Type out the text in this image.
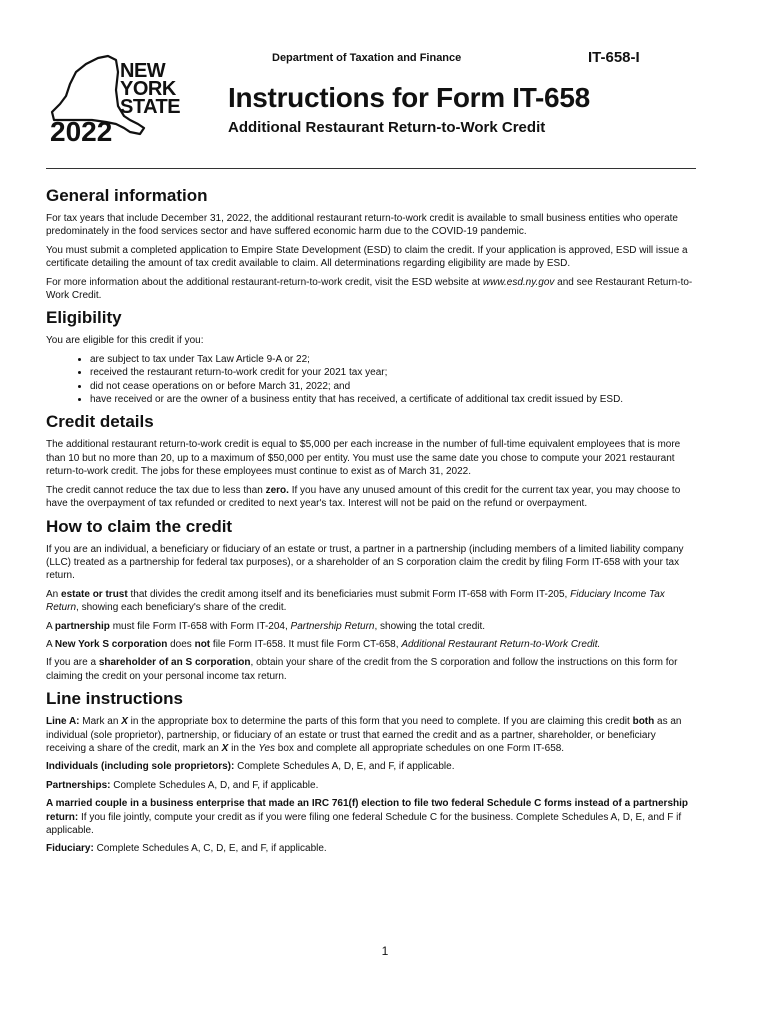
NEW
YORK
STATE
2022
Department of Taxation and Finance	IT-658-I
Instructions for Form IT-658
Additional Restaurant Return-to-Work Credit
General information

For tax years that include December 31, 2022, the additional restaurant return-to-work credit is available to small business entities who operate predominately in the food services sector and have suffered economic harm due to the COVID-19 pandemic.

You must submit a completed application to Empire State Development (ESD) to claim the credit. If your application is approved, ESD will issue a certificate detailing the amount of tax credit available to claim. All determinations regarding eligibility are made by ESD.

For more information about the additional restaurant-return-to-work credit, visit the ESD website at www.esd.ny.gov and see Restaurant Return-to-Work Credit.

Eligibility

You are eligible for this credit if you:

• are subject to tax under Tax Law Article 9-A or 22;
• received the restaurant return-to-work credit for your 2021 tax year;
• did not cease operations on or before March 31, 2022; and
• have received or are the owner of a business entity that has received, a certificate of additional tax credit issued by ESD.
Credit details

The additional restaurant return-to-work credit is equal to $5,000 per each increase in the number of full-time equivalent employees that is more than 10 but no more than 20, up to a maximum of $50,000 per entity. You must use the same date you chose to compute your 2021 restaurant return-to-work credit. The jobs for these employees must continue to exist as of March 31, 2022.

The credit cannot reduce the tax due to less than zero. If you have any unused amount of this credit for the current tax year, you may choose to have the overpayment of tax refunded or credited to next year's tax. Interest will not be paid on the refund or overpayment.

How to claim the credit

If you are an individual, a beneficiary or fiduciary of an estate or trust, a partner in a partnership (including members of a limited liability company (LLC) treated as a partnership for federal tax purposes), or a shareholder of an S corporation claim the credit by filing Form IT-658 with your tax return.

An estate or trust that divides the credit among itself and its beneficiaries must submit Form IT-658 with Form IT-205, Fiduciary Income Tax Return, showing each beneficiary's share of the credit.

A partnership must file Form IT-658 with Form IT-204, Partnership Return, showing the total credit.

A New York S corporation does not file Form IT-658. It must file Form CT-658, Additional Restaurant Return-to-Work Credit.

If you are a shareholder of an S corporation, obtain your share of the credit from the S corporation and follow the instructions on this form for claiming the credit on your personal income tax return.

Line instructions

Line A: Mark an X in the appropriate box to determine the parts of this form that you need to complete. If you are claiming this credit both as an individual (sole proprietor), partnership, or fiduciary of an estate or trust that earned the credit and as a partner, shareholder, or beneficiary receiving a share of the credit, mark an X in the Yes box and complete all appropriate schedules on one Form IT-658.

Individuals (including sole proprietors): Complete Schedules A, D, E, and F, if applicable.

Partnerships: Complete Schedules A, D, and F, if applicable.

A married couple in a business enterprise that made an IRC 761(f) election to file two federal Schedule C forms instead of a partnership return: If you file jointly, compute your credit as if you were filing one federal Schedule C for the business. Complete Schedules A, D, E, and F if applicable.

Fiduciary: Complete Schedules A, C, D, E, and F, if applicable.

1
